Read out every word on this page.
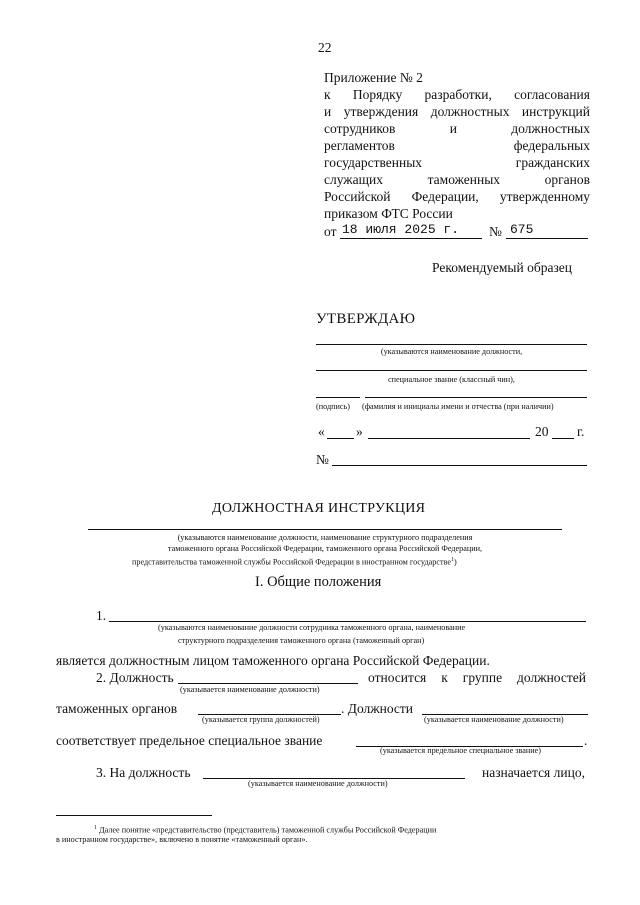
22
Приложение № 2
к Порядку разработки, согласования
и утверждения должностных инструкций
сотрудников и должностных
регламентов федеральных
государственных гражданских
служащих таможенных органов
Российской Федерации, утвержденному
приказом ФТС России
от 18 июля 2025 г. № 675
Рекомендуемый образец
УТВЕРЖДАЮ
(указываются наименование должности,
специальное звание (классный чин),
(подпись) (фамилия и инициалы имени и отчества (при наличии)
« »	20 г.
№
ДОЛЖНОСТНАЯ ИНСТРУКЦИЯ
(указываются наименование должности, наименование структурного подразделения
таможенного органа Российской Федерации, таможенного органа Российской Федерации,
представительства таможенной службы Российской Федерации в иностранном государстве$^1$)
I. Общие положения
1.
(указываются наименование должности сотрудника таможенного органа, наименование
структурного подразделения таможенного органа (таможенный орган)
является должностным лицом таможенного органа Российской Федерации.
2. Должность
(указывается наименование должности)
относится к группе должностей
таможенных органов
(указывается группа должностей)
. Должности
(указывается наименование должности)
соответствует предельное специальное звание
(указывается предельное специальное звание)
.
3. На должность
(указывается наименование должности)
назначается лицо,
$^1$ Далее понятие «представительство (представитель) таможенной службы Российской Федерации
в иностранном государстве», включено в понятие «таможенный орган».
